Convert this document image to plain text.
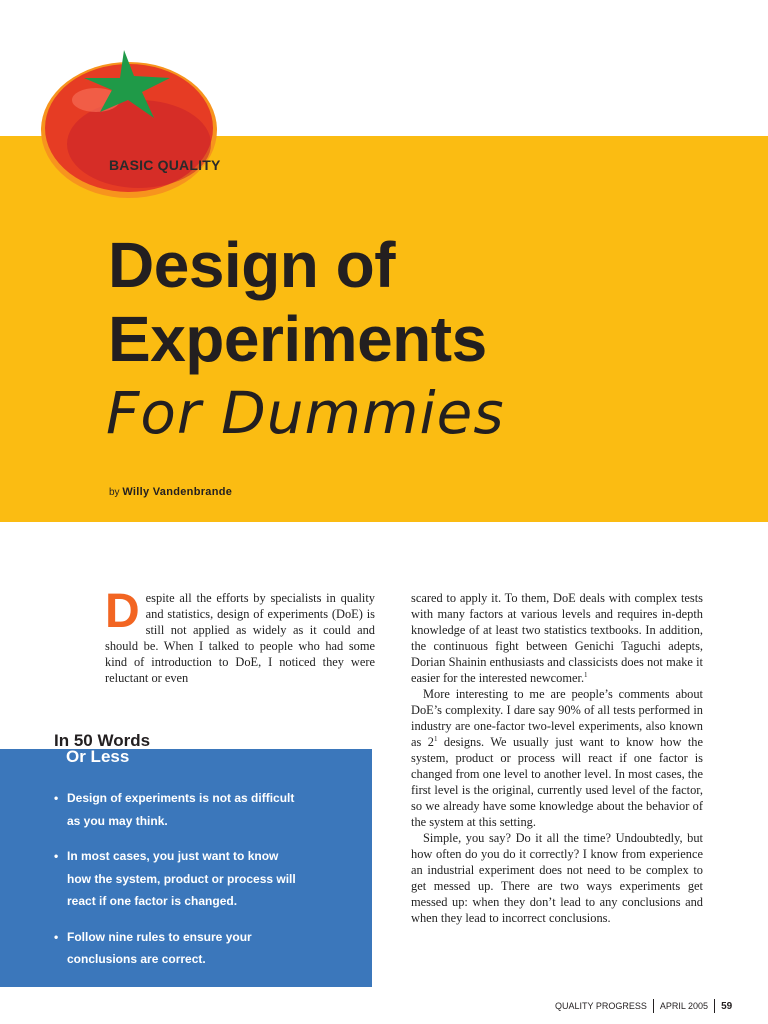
BASIC QUALITY
Design of
Experiments
For Dummies
by Willy Vandenbrande
Despite all the efforts by specialists in quality and statistics, design of experiments (DoE) is still not applied as widely as it could and should be. When I talked to people who had some kind of introduction to DoE, I noticed they were reluctant or even

scared to apply it. To them, DoE deals with complex tests with many factors at various levels and requires in-depth knowledge of at least two statistics textbooks. In addition, the continuous fight between Genichi Taguchi adepts, Dorian Shainin enthusiasts and classicists does not make it easier for the interested newcomer.$^1$

More interesting to me are people’s comments about DoE’s complexity. I dare say 90% of all tests performed in industry are one-factor two-level experiments, also known as $2^1$ designs. We usually just want to know how the system, product or process will react if one factor is changed from one level to another level. In most cases, the first level is the original, currently used level of the factor, so we already have some knowledge about the behavior of the system at this setting.

Simple, you say? Do it all the time? Undoubtedly, but how often do you do it correctly? I know from experience an industrial experiment does not need to be complex to get messed up. There are two ways experiments get messed up: when they don’t lead to any conclusions and when they lead to incorrect conclusions.

• Design of experiments is not as difficult as you may think.
• In most cases, you just want to know how the system, product or process will react if one factor is changed.
• Follow nine rules to ensure your conclusions are correct.
In 50 Words
Or Less
QUALITY PROGRESS APRIL 2005 59
